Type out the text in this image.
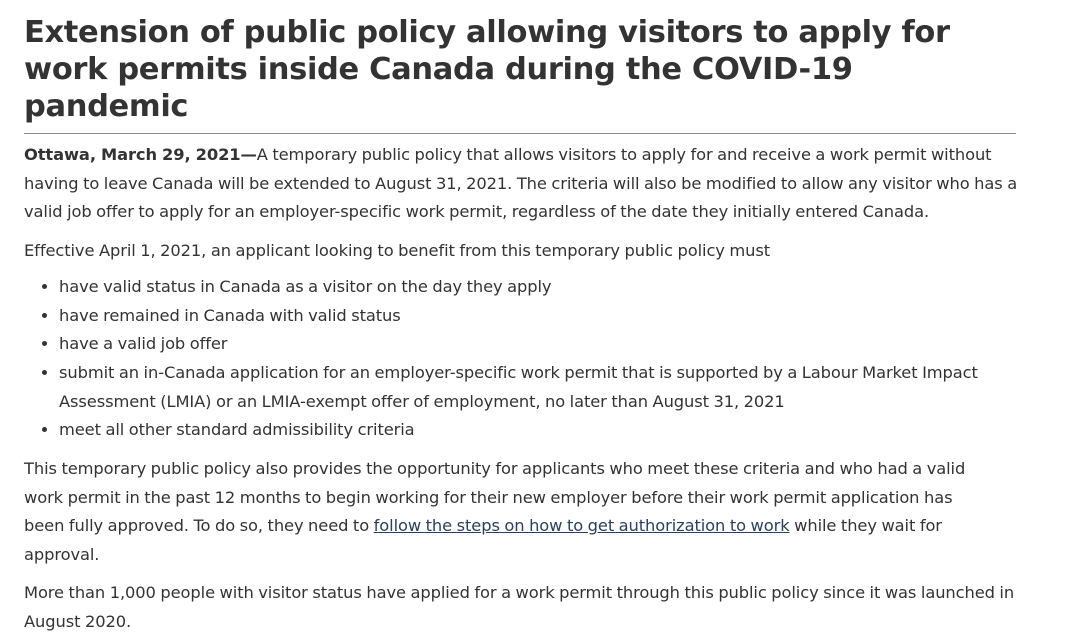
Extension of public policy allowing visitors to apply for work permits inside Canada during the COVID-19 pandemic

Ottawa, March 29, 2021—A temporary public policy that allows visitors to apply for and receive a work permit without having to leave Canada will be extended to August 31, 2021. The criteria will also be modified to allow any visitor who has a valid job offer to apply for an employer-specific work permit, regardless of the date they initially entered Canada.

Effective April 1, 2021, an applicant looking to benefit from this temporary public policy must

• have valid status in Canada as a visitor on the day they apply
• have remained in Canada with valid status
• have a valid job offer
• submit an in-Canada application for an employer-specific work permit that is supported by a Labour Market Impact Assessment (LMIA) or an LMIA-exempt offer of employment, no later than August 31, 2021
• meet all other standard admissibility criteria

This temporary public policy also provides the opportunity for applicants who meet these criteria and who had a valid work permit in the past 12 months to begin working for their new employer before their work permit application has been fully approved. To do so, they need to follow the steps on how to get authorization to work while they wait for approval.

More than 1,000 people with visitor status have applied for a work permit through this public policy since it was launched in August 2020.
